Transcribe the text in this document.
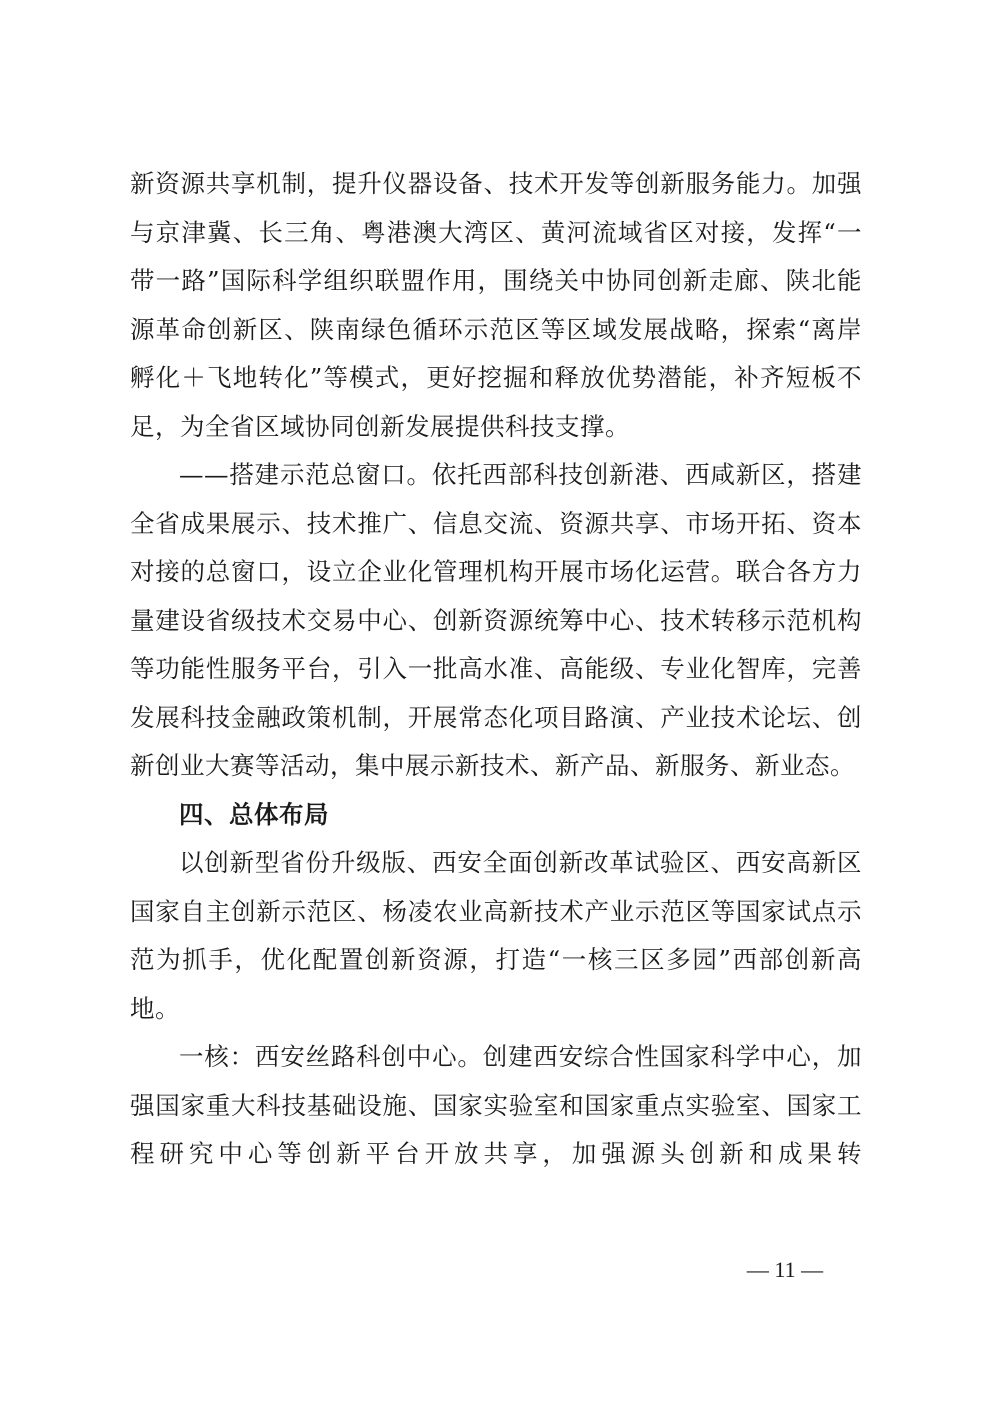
新资源共享机制，提升仪器设备、技术开发等创新服务能力。加强与京津冀、长三角、粤港澳大湾区、黄河流域省区对接，发挥“一带一路”国际科学组织联盟作用，围绕关中协同创新走廊、陕北能源革命创新区、陕南绿色循环示范区等区域发展战略，探索“离岸孵化＋飞地转化”等模式，更好挖掘和释放优势潜能，补齐短板不足，为全省区域协同创新发展提供科技支撑。

——搭建示范总窗口。依托西部科技创新港、西咸新区，搭建全省成果展示、技术推广、信息交流、资源共享、市场开拓、资本对接的总窗口，设立企业化管理机构开展市场化运营。联合各方力量建设省级技术交易中心、创新资源统筹中心、技术转移示范机构等功能性服务平台，引入一批高水准、高能级、专业化智库，完善发展科技金融政策机制，开展常态化项目路演、产业技术论坛、创新创业大赛等活动，集中展示新技术、新产品、新服务、新业态。

四、总体布局

以创新型省份升级版、西安全面创新改革试验区、西安高新区国家自主创新示范区、杨凌农业高新技术产业示范区等国家试点示范为抓手，优化配置创新资源，打造“一核三区多园”西部创新高地。

一核：西安丝路科创中心。创建西安综合性国家科学中心，加强国家重大科技基础设施、国家实验室和国家重点实验室、国家工程研究中心等创新平台开放共享，加强源头创新和成果转

— 11 —
